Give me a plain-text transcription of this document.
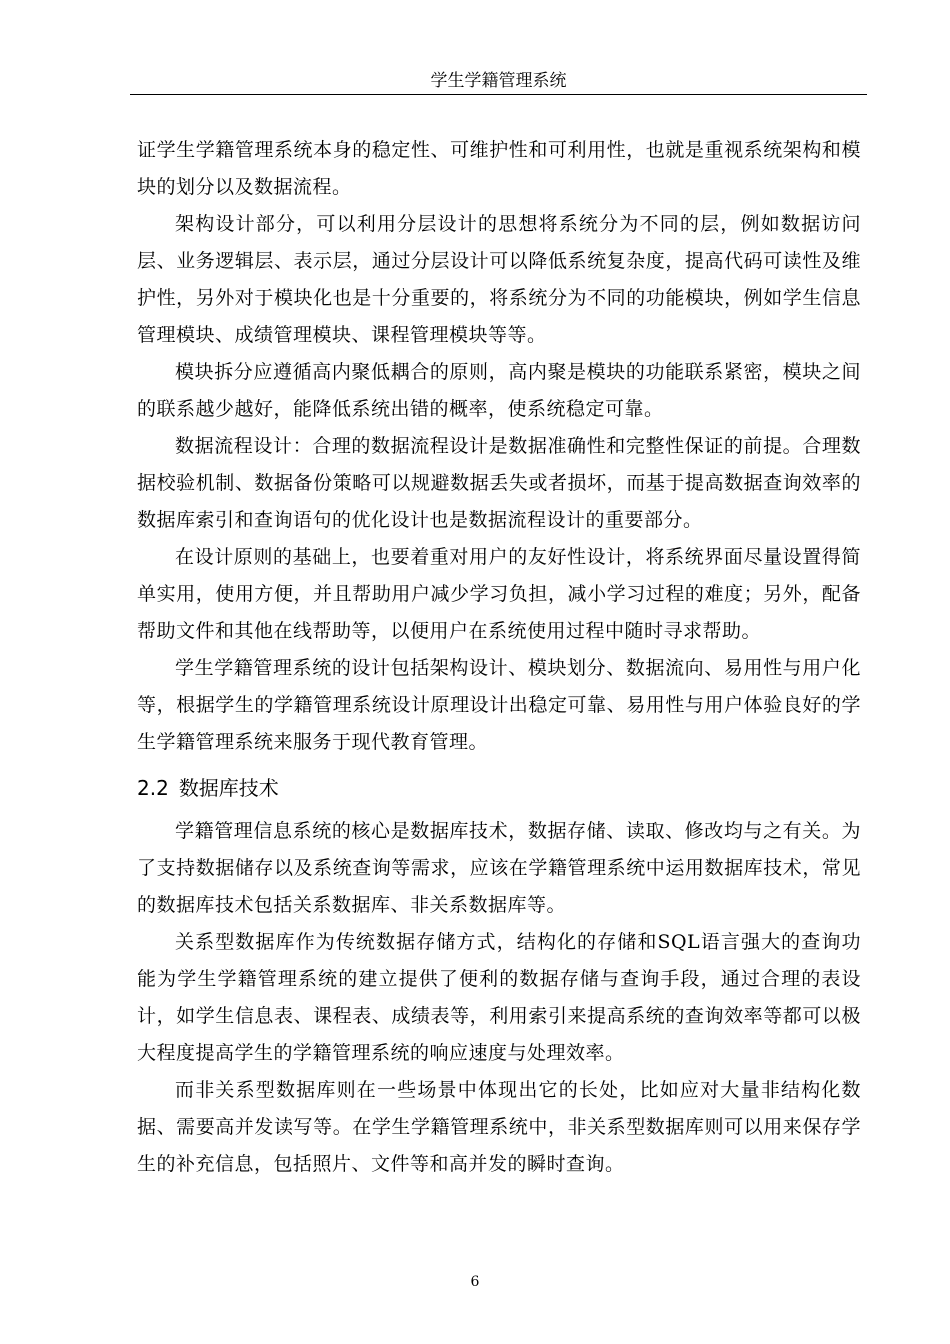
学生学籍管理系统

证学生学籍管理系统本身的稳定性、可维护性和可利用性，也就是重视系统架构和模块的划分以及数据流程。

架构设计部分，可以利用分层设计的思想将系统分为不同的层，例如数据访问层、业务逻辑层、表示层，通过分层设计可以降低系统复杂度，提高代码可读性及维护性，另外对于模块化也是十分重要的，将系统分为不同的功能模块，例如学生信息管理模块、成绩管理模块、课程管理模块等等。

模块拆分应遵循高内聚低耦合的原则，高内聚是模块的功能联系紧密，模块之间的联系越少越好，能降低系统出错的概率，使系统稳定可靠。

数据流程设计：合理的数据流程设计是数据准确性和完整性保证的前提。合理数据校验机制、数据备份策略可以规避数据丢失或者损坏，而基于提高数据查询效率的数据库索引和查询语句的优化设计也是数据流程设计的重要部分。

在设计原则的基础上，也要着重对用户的友好性设计，将系统界面尽量设置得简单实用，使用方便，并且帮助用户减少学习负担，减小学习过程的难度；另外，配备帮助文件和其他在线帮助等，以便用户在系统使用过程中随时寻求帮助。

学生学籍管理系统的设计包括架构设计、模块划分、数据流向、易用性与用户化等，根据学生的学籍管理系统设计原理设计出稳定可靠、易用性与用户体验良好的学生学籍管理系统来服务于现代教育管理。

2.2 数据库技术

学籍管理信息系统的核心是数据库技术，数据存储、读取、修改均与之有关。为了支持数据储存以及系统查询等需求，应该在学籍管理系统中运用数据库技术，常见的数据库技术包括关系数据库、非关系数据库等。

关系型数据库作为传统数据存储方式，结构化的存储和SQL语言强大的查询功能为学生学籍管理系统的建立提供了便利的数据存储与查询手段，通过合理的表设计，如学生信息表、课程表、成绩表等，利用索引来提高系统的查询效率等都可以极大程度提高学生的学籍管理系统的响应速度与处理效率。

而非关系型数据库则在一些场景中体现出它的长处，比如应对大量非结构化数据、需要高并发读写等。在学生学籍管理系统中，非关系型数据库则可以用来保存学生的补充信息，包括照片、文件等和高并发的瞬时查询。

6
